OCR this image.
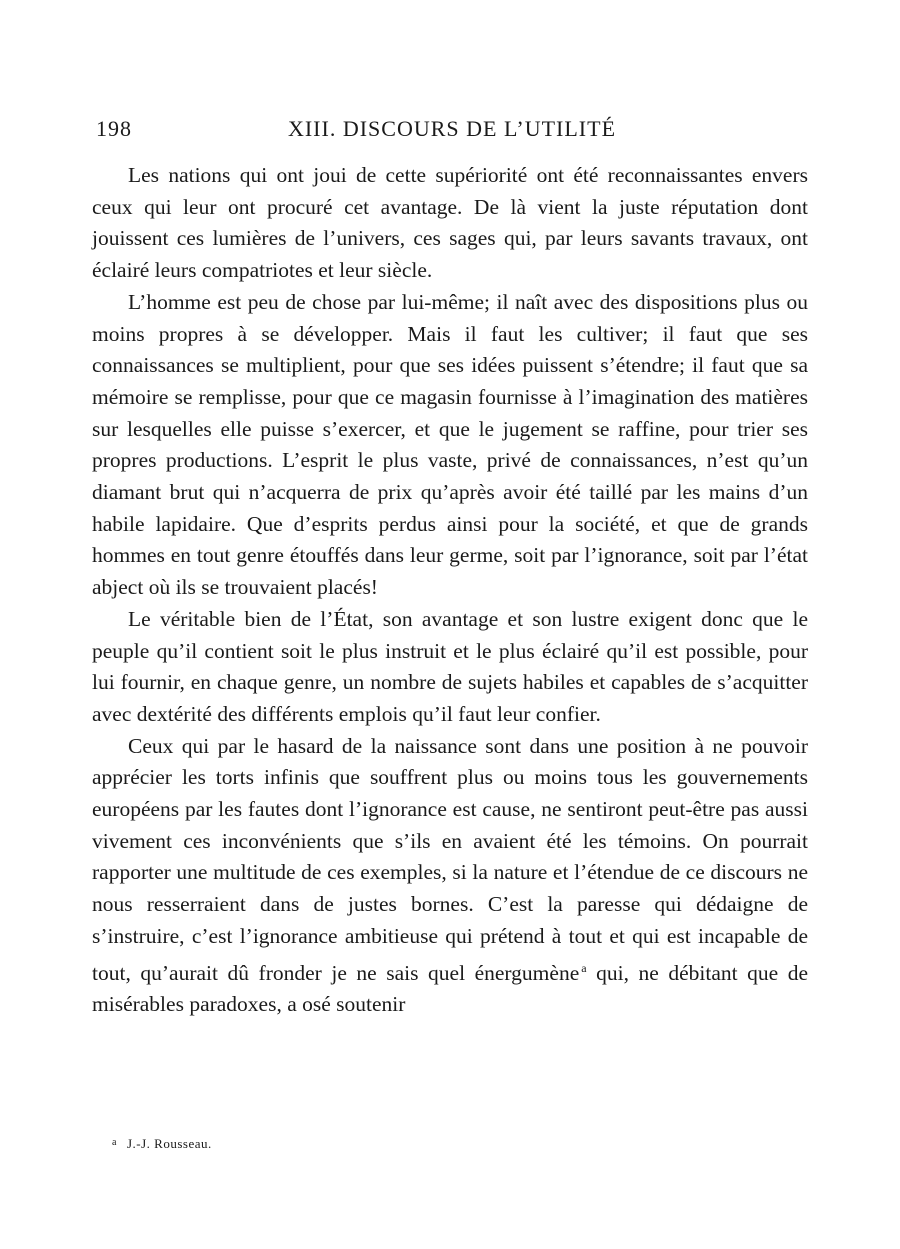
198	XIII. DISCOURS DE L’UTILITÉ

Les nations qui ont joui de cette supériorité ont été reconnaissantes envers ceux qui leur ont procuré cet avantage. De là vient la juste réputation dont jouissent ces lumières de l’univers, ces sages qui, par leurs savants travaux, ont éclairé leurs compatriotes et leur siècle.

L’homme est peu de chose par lui-même; il naît avec des dispositions plus ou moins propres à se développer. Mais il faut les cultiver; il faut que ses connaissances se multiplient, pour que ses idées puissent s’étendre; il faut que sa mémoire se remplisse, pour que ce magasin fournisse à l’imagination des matières sur lesquelles elle puisse s’exercer, et que le jugement se raffine, pour trier ses propres productions. L’esprit le plus vaste, privé de connaissances, n’est qu’un diamant brut qui n’acquerra de prix qu’après avoir été taillé par les mains d’un habile lapidaire. Que d’esprits perdus ainsi pour la société, et que de grands hommes en tout genre étouffés dans leur germe, soit par l’ignorance, soit par l’état abject où ils se trouvaient placés!

Le véritable bien de l’État, son avantage et son lustre exigent donc que le peuple qu’il contient soit le plus instruit et le plus éclairé qu’il est possible, pour lui fournir, en chaque genre, un nombre de sujets habiles et capables de s’acquitter avec dextérité des différents emplois qu’il faut leur confier.

Ceux qui par le hasard de la naissance sont dans une position à ne pouvoir apprécier les torts infinis que souffrent plus ou moins tous les gouvernements européens par les fautes dont l’ignorance est cause, ne sentiront peut-être pas aussi vivement ces inconvénients que s’ils en avaient été les témoins. On pourrait rapporter une multitude de ces exemples, si la nature et l’étendue de ce discours ne nous resserraient dans de justes bornes. C’est la paresse qui dédaigne de s’instruire, c’est l’ignorance ambitieuse qui prétend à tout et qui est incapable de tout, qu’aurait dû fronder je ne sais quel énergumène $^a$ qui, ne débitant que de misérables paradoxes, a osé soutenir

$^a$ J.-J. Rousseau.
